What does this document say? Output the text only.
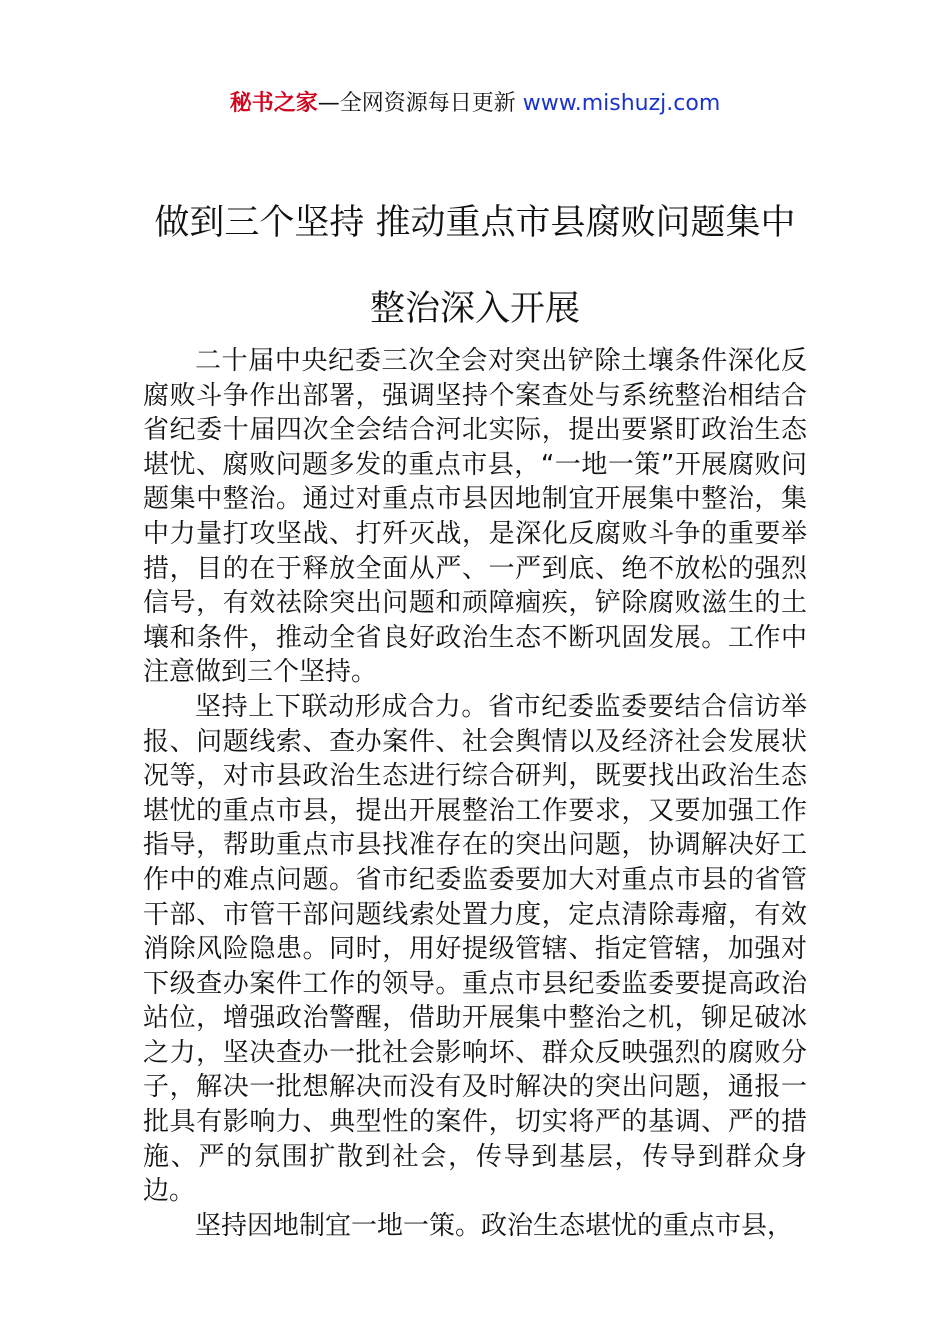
秘书之家—全网资源每日更新 www.mishuzj.com
做到三个坚持 推动重点市县腐败问题集中
整治深入开展

二十届中央纪委三次全会对突出铲除土壤条件深化反腐败斗争作出部署，强调坚持个案查处与系统整治相结合省纪委十届四次全会结合河北实际，提出要紧盯政治生态堪忧、腐败问题多发的重点市县，“一地一策”开展腐败问题集中整治。通过对重点市县因地制宜开展集中整治，集中力量打攻坚战、打歼灭战，是深化反腐败斗争的重要举措，目的在于释放全面从严、一严到底、绝不放松的强烈信号，有效祛除突出问题和顽障痼疾，铲除腐败滋生的土壤和条件，推动全省良好政治生态不断巩固发展。工作中注意做到三个坚持。

坚持上下联动形成合力。省市纪委监委要结合信访举报、问题线索、查办案件、社会舆情以及经济社会发展状况等，对市县政治生态进行综合研判，既要找出政治生态堪忧的重点市县，提出开展整治工作要求，又要加强工作指导，帮助重点市县找准存在的突出问题，协调解决好工作中的难点问题。省市纪委监委要加大对重点市县的省管干部、市管干部问题线索处置力度，定点清除毒瘤，有效消除风险隐患。同时，用好提级管辖、指定管辖，加强对下级查办案件工作的领导。重点市县纪委监委要提高政治站位，增强政治警醒，借助开展集中整治之机，铆足破冰之力，坚决查办一批社会影响坏、群众反映强烈的腐败分子，解决一批想解决而没有及时解决的突出问题，通报一批具有影响力、典型性的案件，切实将严的基调、严的措施、严的氛围扩散到社会，传导到基层，传导到群众身边。

坚持因地制宜一地一策。政治生态堪忧的重点市县，
